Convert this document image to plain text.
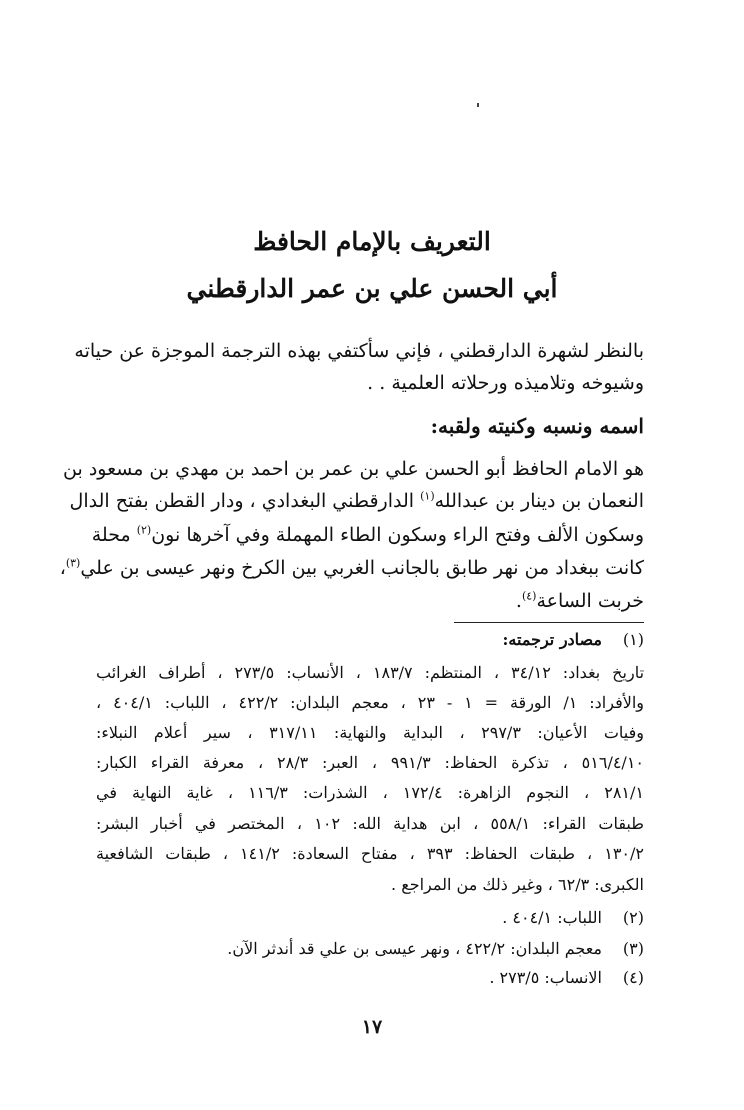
التعريف بالإمام الحافظ
أبي الحسن علي بن عمر الدارقطني
بالنظر لشهرة الدارقطني ، فإني سأكتفي بهذه الترجمة الموجزة عن حياته
وشيوخه وتلاميذه ورحلاته العلمية . .
اسمه ونسبه وكنيته ولقبه:
هو الامام الحافظ أبو الحسن علي بن عمر بن احمد بن مهدي بن مسعود بن
النعمان بن دينار بن عبدالله$^{(١)}$ الدارقطني البغدادي ، ودار القطن بفتح الدال
وسكون الألف وفتح الراء وسكون الطاء المهملة وفي آخرها نون$^{(٢)}$ محلة
كانت ببغداد من نهر طابق بالجانب الغربي بين الكرخ ونهر عيسى بن علي$^{(٣)}$،
خربت الساعة$^{(٤)}$.
(١)مصادر ترجمته:
تاريخ بغداد: ٣٤/١٢ ، المنتظم: ١٨٣/٧ ، الأنساب: ٢٧٣/٥ ، أطراف الغرائب
والأفراد: ١/ الورقة = ١ - ٢٣ ، معجم البلدان: ٤٢٢/٢ ، اللباب: ٤٠٤/١ ،
وفيات الأعيان: ٢٩٧/٣ ، البداية والنهاية: ٣١٧/١١ ، سير أعلام النبلاء:
٥١٦/٤/١٠ ، تذكرة الحفاظ: ٩٩١/٣ ، العبر: ٢٨/٣ ، معرفة القراء الكبار:
٢٨١/١ ، النجوم الزاهرة: ١٧٢/٤ ، الشذرات: ١١٦/٣ ، غاية النهاية في
طبقات القراء: ٥٥٨/١ ، ابن هداية الله: ١٠٢ ، المختصر في أخبار البشر:
١٣٠/٢ ، طبقات الحفاظ: ٣٩٣ ، مفتاح السعادة: ١٤١/٢ ، طبقات الشافعية
الكبرى: ٦٢/٣ ، وغير ذلك من المراجع .
(٢)اللباب: ٤٠٤/١ .
(٣)معجم البلدان: ٤٢٢/٢ ، ونهر عيسى بن علي قد أندثر الآن.
(٤)الانساب: ٢٧٣/٥ .
١٧
